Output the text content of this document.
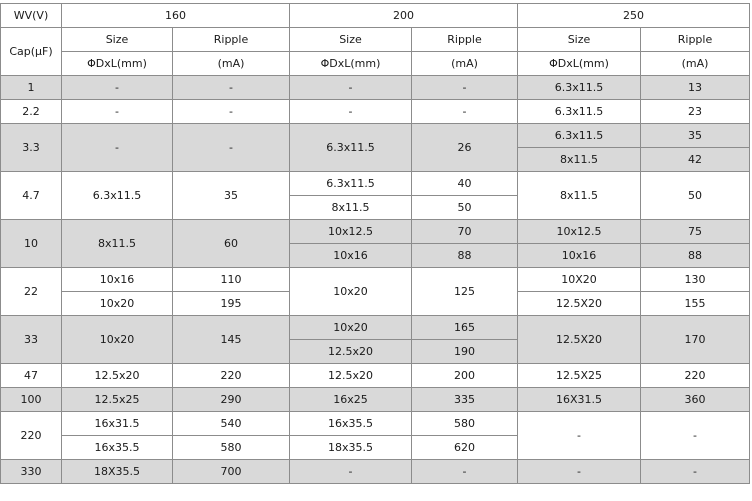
WV(V)	160		200		250	
Cap(μF)	Size	Ripple	Size	Ripple	Size	Ripple
	ΦDxL(mm)	(mA)	ΦDxL(mm)	(mA)	ΦDxL(mm)	(mA)
1	-	-	-	-	6.3x11.5	13
2.2	-	-	-	-	6.3x11.5	23
3.3	-	-	6.3x11.5	26	6.3x11.5	35
					8x11.5	42
4.7	6.3x11.5	35	6.3x11.5	40	8x11.5	50
			8x11.5	50		
10	8x11.5	60	10x12.5	70	10x12.5	75
			10x16	88	10x16	88
22	10x16	110	10x20	125	10X20	130
	10x20	195			12.5X20	155
33	10x20	145	10x20	165	12.5X20	170
			12.5x20	190		
47	12.5x20	220	12.5x20	200	12.5X25	220
100	12.5x25	290	16x25	335	16X31.5	360
220	16x31.5	540	16x35.5	580	-	-
	16x35.5	580	18x35.5	620		
330	18X35.5	700	-	-	-	-
